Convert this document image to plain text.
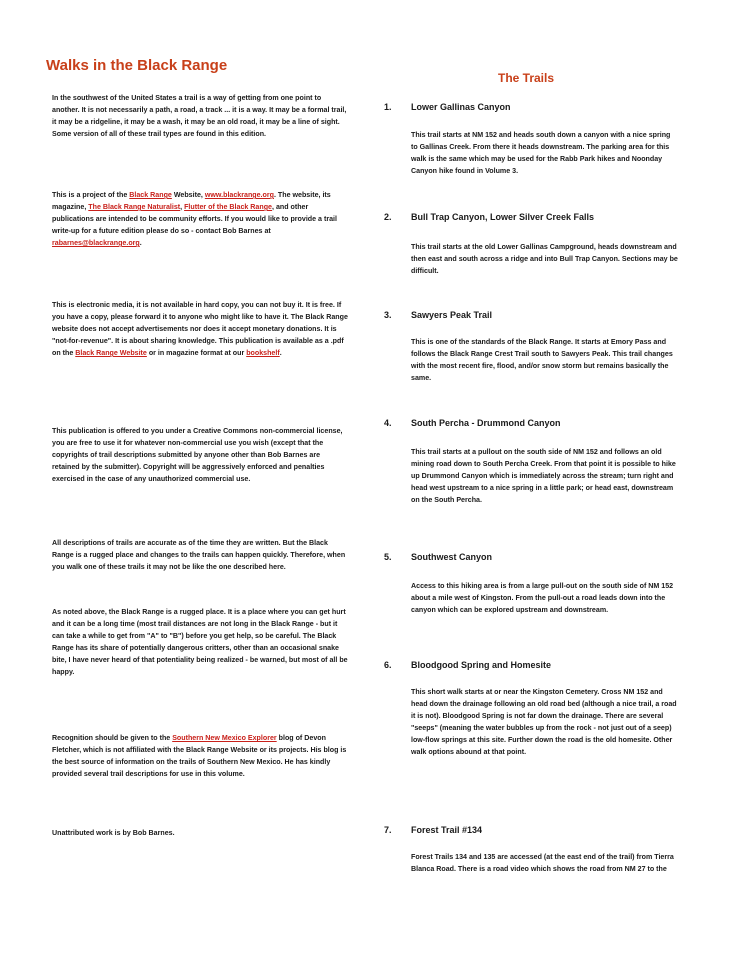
Walks in the Black Range
The Trails

In the southwest of the United States a trail is a way of getting from one point to another. It is not necessarily a path, a road, a track ... it is a way. It may be a formal trail, it may be a ridgeline, it may be a wash, it may be an old road, it may be a line of sight. Some version of all of these trail types are found in this edition.

This is a project of the Black Range Website, www.blackrange.org. The website, its magazine, The Black Range Naturalist, Flutter of the Black Range, and other publications are intended to be community efforts. If you would like to provide a trail write-up for a future edition please do so - contact Bob Barnes at rabarnes@blackrange.org.

This is electronic media, it is not available in hard copy, you can not buy it. It is free. If you have a copy, please forward it to anyone who might like to have it. The Black Range website does not accept advertisements nor does it accept monetary donations. It is "not-for-revenue". It is about sharing knowledge. This publication is available as a .pdf on the Black Range Website or in magazine format at our bookshelf.

This publication is offered to you under a Creative Commons non-commercial license, you are free to use it for whatever non-commercial use you wish (except that the copyrights of trail descriptions submitted by anyone other than Bob Barnes are retained by the submitter). Copyright will be aggressively enforced and penalties exercised in the case of any unauthorized commercial use.

All descriptions of trails are accurate as of the time they are written. But the Black Range is a rugged place and changes to the trails can happen quickly. Therefore, when you walk one of these trails it may not be like the one described here.

As noted above, the Black Range is a rugged place. It is a place where you can get hurt and it can be a long time (most trail distances are not long in the Black Range - but it can take a while to get from "A" to "B") before you get help, so be careful. The Black Range has its share of potentially dangerous critters, other than an occasional snake bite, I have never heard of that potentiality being realized - be warned, but most of all be happy.

Recognition should be given to the Southern New Mexico Explorer blog of Devon Fletcher, which is not affiliated with the Black Range Website or its projects. His blog is the best source of information on the trails of Southern New Mexico. He has kindly provided several trail descriptions for use in this volume.

Unattributed work is by Bob Barnes.

1. Lower Gallinas Canyon

This trail starts at NM 152 and heads south down a canyon with a nice spring to Gallinas Creek. From there it heads downstream. The parking area for this walk is the same which may be used for the Rabb Park hikes and Noonday Canyon hike found in Volume 3.

2. Bull Trap Canyon, Lower Silver Creek Falls

This trail starts at the old Lower Gallinas Campground, heads downstream and then east and south across a ridge and into Bull Trap Canyon. Sections may be difficult.

3. Sawyers Peak Trail

This is one of the standards of the Black Range. It starts at Emory Pass and follows the Black Range Crest Trail south to Sawyers Peak. This trail changes with the most recent fire, flood, and/or snow storm but remains basically the same.

4. South Percha - Drummond Canyon

This trail starts at a pullout on the south side of NM 152 and follows an old mining road down to South Percha Creek. From that point it is possible to hike up Drummond Canyon which is immediately across the stream; turn right and head west upstream to a nice spring in a little park; or head east, downstream on the South Percha.

5. Southwest Canyon

Access to this hiking area is from a large pull-out on the south side of NM 152 about a mile west of Kingston. From the pull-out a road leads down into the canyon which can be explored upstream and downstream.

6. Bloodgood Spring and Homesite

This short walk starts at or near the Kingston Cemetery. Cross NM 152 and head down the drainage following an old road bed (although a nice trail, a road it is not). Bloodgood Spring is not far down the drainage. There are several "seeps" (meaning the water bubbles up from the rock - not just out of a seep) low-flow springs at this site. Further down the road is the old homesite. Other walk options abound at that point.

7. Forest Trail #134

Forest Trails 134 and 135 are accessed (at the east end of the trail) from Tierra Blanca Road. There is a road video which shows the road from NM 27 to the
